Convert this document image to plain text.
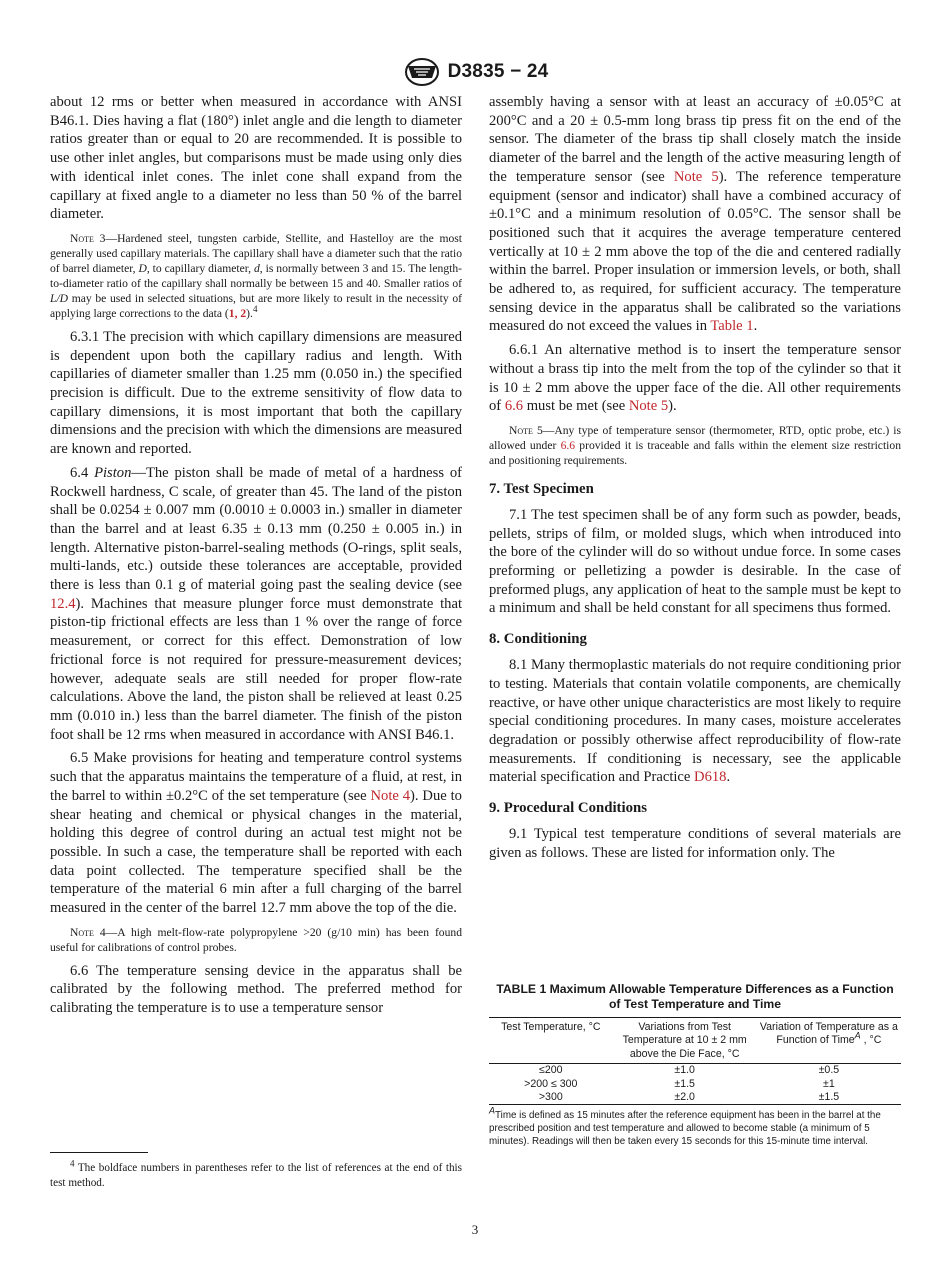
D3835 − 24

about 12 rms or better when measured in accordance with ANSI B46.1. Dies having a flat (180°) inlet angle and die length to diameter ratios greater than or equal to 20 are recommended. It is possible to use other inlet angles, but comparisons must be made using only dies with identical inlet cones. The inlet cone shall expand from the capillary at fixed angle to a diameter no less than 50 % of the barrel diameter.

Note 3—Hardened steel, tungsten carbide, Stellite, and Hastelloy are the most generally used capillary materials. The capillary shall have a diameter such that the ratio of barrel diameter, D, to capillary diameter, d, is normally between 3 and 15. The length-to-diameter ratio of the capillary shall normally be between 15 and 40. Smaller ratios of L/D may be used in selected situations, but are more likely to result in the necessity of applying large corrections to the data (1, 2).$^4$

6.3.1 The precision with which capillary dimensions are measured is dependent upon both the capillary radius and length. With capillaries of diameter smaller than 1.25 mm (0.050 in.) the specified precision is difficult. Due to the extreme sensitivity of flow data to capillary dimensions, it is most important that both the capillary dimensions and the precision with which the dimensions are measured are known and reported.

6.4 Piston—The piston shall be made of metal of a hardness of Rockwell hardness, C scale, of greater than 45. The land of the piston shall be 0.0254 ± 0.007 mm (0.0010 ± 0.0003 in.) smaller in diameter than the barrel and at least 6.35 ± 0.13 mm (0.250 ± 0.005 in.) in length. Alternative piston-barrel-sealing methods (O-rings, split seals, multi-lands, etc.) outside these tolerances are acceptable, provided there is less than 0.1 g of material going past the sealing device (see 12.4). Machines that measure plunger force must demonstrate that piston-tip frictional effects are less than 1 % over the range of force measurement, or correct for this effect. Demonstration of low frictional force is not required for pressure-measurement devices; however, adequate seals are still needed for proper flow-rate calculations. Above the land, the piston shall be relieved at least 0.25 mm (0.010 in.) less than the barrel diameter. The finish of the piston foot shall be 12 rms when measured in accordance with ANSI B46.1.

6.5 Make provisions for heating and temperature control systems such that the apparatus maintains the temperature of a fluid, at rest, in the barrel to within ±0.2°C of the set temperature (see Note 4). Due to shear heating and chemical or physical changes in the material, holding this degree of control during an actual test might not be possible. In such a case, the temperature shall be reported with each data point collected. The temperature specified shall be the temperature of the material 6 min after a full charging of the barrel measured in the center of the barrel 12.7 mm above the top of the die.

Note 4—A high melt-flow-rate polypropylene >20 (g/10 min) has been found useful for calibrations of control probes.

6.6 The temperature sensing device in the apparatus shall be calibrated by the following method. The preferred method for calibrating the temperature is to use a temperature sensor

$^4$ The boldface numbers in parentheses refer to the list of references at the end of this test method.

assembly having a sensor with at least an accuracy of ±0.05°C at 200°C and a 20 ± 0.5-mm long brass tip press fit on the end of the sensor. The diameter of the brass tip shall closely match the inside diameter of the barrel and the length of the active measuring length of the temperature sensor (see Note 5). The reference temperature equipment (sensor and indicator) shall have a combined accuracy of ±0.1°C and a minimum resolution of 0.05°C. The sensor shall be positioned such that it acquires the average temperature centered vertically at 10 ± 2 mm above the top of the die and centered radially within the barrel. Proper insulation or immersion levels, or both, shall be adhered to, as required, for sufficient accuracy. The temperature sensing device in the apparatus shall be calibrated so the variations measured do not exceed the values in Table 1.

6.6.1 An alternative method is to insert the temperature sensor without a brass tip into the melt from the top of the cylinder so that it is 10 ± 2 mm above the upper face of the die. All other requirements of 6.6 must be met (see Note 5).

Note 5—Any type of temperature sensor (thermometer, RTD, optic probe, etc.) is allowed under 6.6 provided it is traceable and falls within the element size restriction and positioning requirements.

7. Test Specimen

7.1 The test specimen shall be of any form such as powder, beads, pellets, strips of film, or molded slugs, which when introduced into the bore of the cylinder will do so without undue force. In some cases preforming or pelletizing a powder is desirable. In the case of preformed plugs, any application of heat to the sample must be kept to a minimum and shall be held constant for all specimens thus formed.

8. Conditioning

8.1 Many thermoplastic materials do not require conditioning prior to testing. Materials that contain volatile components, are chemically reactive, or have other unique characteristics are most likely to require special conditioning procedures. In many cases, moisture accelerates degradation or possibly otherwise affect reproducibility of flow-rate measurements. If conditioning is necessary, see the applicable material specification and Practice D618.

9. Procedural Conditions

9.1 Typical test temperature conditions of several materials are given as follows. These are listed for information only. The

TABLE 1 Maximum Allowable Temperature Differences as a Function of Test Temperature and Time
Test Temperature, °C	Variations from Test Temperature at 10 ± 2 mm above the Die Face, °C	Variation of Temperature as a Function of Time$^A$ , °C
≤200	±1.0	±0.5
>200 ≤ 300	±1.5	±1
>300	±2.0	±1.5
$^A$Time is defined as 15 minutes after the reference equipment has been in the barrel at the prescribed position and test temperature and allowed to become stable (a minimum of 5 minutes). Readings will then be taken every 15 seconds for this 15-minute time interval.
3
